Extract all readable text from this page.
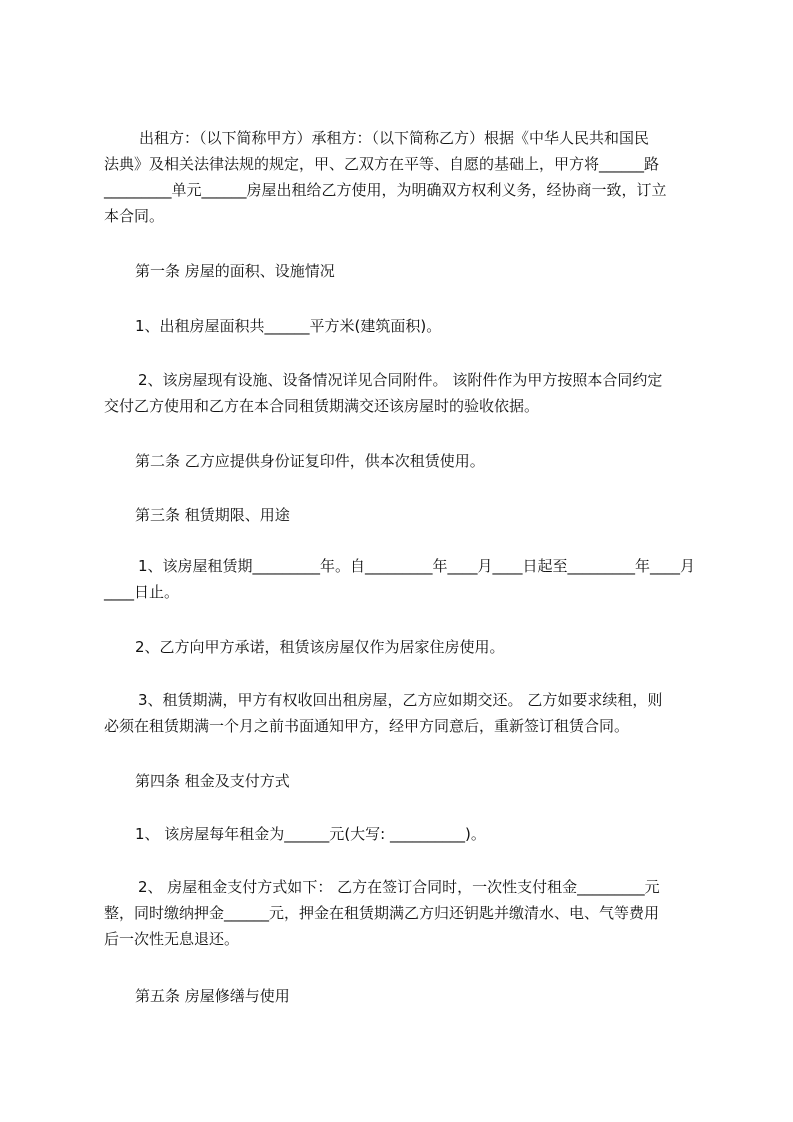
出租方：（以下简称甲方）承租方：（以下简称乙方）根据《中华人民共和国民
法典》及相关法律法规的规定，甲、乙双方在平等、自愿的基础上，甲方将______路
_________单元______房屋出租给乙方使用，为明确双方权利义务，经协商一致，订立
本合同。
第一条 房屋的面积、设施情况
1、出租房屋面积共______平方米(建筑面积)。
2、该房屋现有设施、设备情况详见合同附件。 该附件作为甲方按照本合同约定
交付乙方使用和乙方在本合同租赁期满交还该房屋时的验收依据。
第二条 乙方应提供身份证复印件，供本次租赁使用。
第三条 租赁期限、用途
1、该房屋租赁期_________年。自_________年____月____日起至_________年____月
____日止。
2、乙方向甲方承诺，租赁该房屋仅作为居家住房使用。
3、租赁期满，甲方有权收回出租房屋，乙方应如期交还。 乙方如要求续租，则
必须在租赁期满一个月之前书面通知甲方，经甲方同意后，重新签订租赁合同。
第四条 租金及支付方式
1、 该房屋每年租金为______元(大写: __________)。
2、 房屋租金支付方式如下： 乙方在签订合同时，一次性支付租金_________元
整，同时缴纳押金______元，押金在租赁期满乙方归还钥匙并缴清水、电、气等费用
后一次性无息退还。
第五条 房屋修缮与使用
